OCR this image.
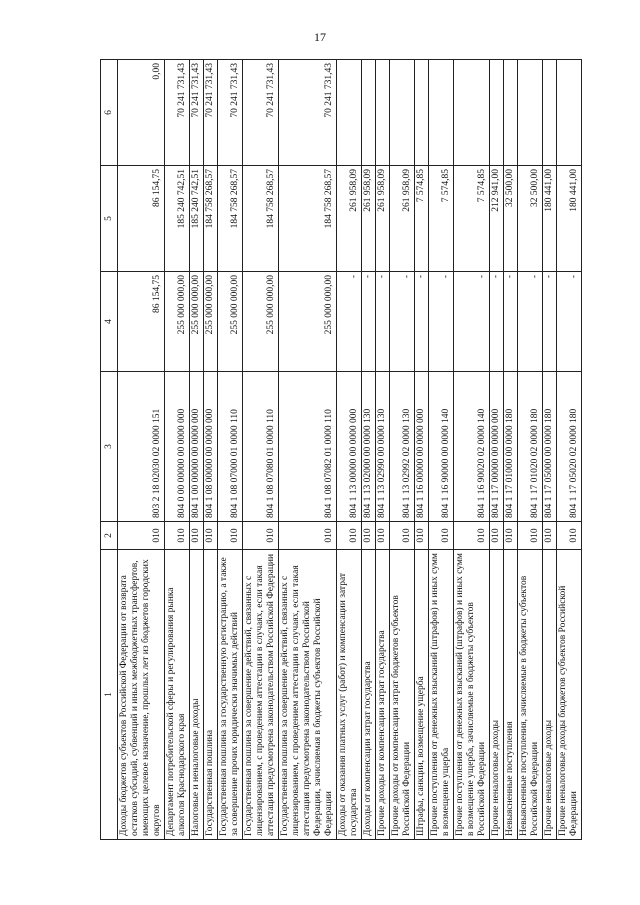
17
1	2	3	4	5	6
Доходы бюджетов субъектов Российской Федерации от возврата остатков субсидий, субвенций и иных межбюджетных трансфертов, имеющих целевое назначение, прошлых лет из бюджетов городских округов	010	803 2 18 02030 02 0000 151	86 154,75	86 154,75	0,00
Департамент потребительской сферы и регулирования рынка алкоголя Краснодарского края	010	804 0 00 00000 00 0000 000	255 000 000,00	185 240 742,51	70 241 731,43
Налоговые и неналоговые доходы	010	804 1 00 00000 00 0000 000	255 000 000,00	185 240 742,51	70 241 731,43
Государственная пошлина	010	804 1 08 00000 00 0000 000	255 000 000,00	184 758 268,57	70 241 731,43
Государственная пошлина за государственную регистрацию, а также за совершение прочих юридически значимых действий	010	804 1 08 07000 01 0000 110	255 000 000,00	184 758 268,57	70 241 731,43
Государственная пошлина за совершение действий, связанных с лицензированием, с проведением аттестации в случаях, если такая аттестация предусмотрена законодательством Российской Федерации	010	804 1 08 07080 01 0000 110	255 000 000,00	184 758 268,57	70 241 731,43
Государственная пошлина за совершение действий, связанных с лицензированием, с проведением аттестации в случаях, если такая аттестация предусмотрена законодательством Российской Федерации, зачисляемая в бюджеты субъектов Российской Федерации	010	804 1 08 07082 01 0000 110	255 000 000,00	184 758 268,57	70 241 731,43
Доходы от оказания платных услуг (работ) и компенсации затрат государства	010	804 1 13 00000 00 0000 000	-	261 958,09	
Доходы от компенсации затрат государства	010	804 1 13 02000 00 0000 130	-	261 958,09	
Прочие доходы от компенсации затрат государства	010	804 1 13 02990 00 0000 130	-	261 958,09	
Прочие доходы от компенсации затрат бюджетов субъектов Российской Федерации	010	804 1 13 02992 02 0000 130	-	261 958,09	
Штрафы, санкции, возмещение ущерба	010	804 1 16 00000 00 0000 000	-	7 574,85	
Прочие поступления от денежных взысканий (штрафов) и иных сумм в возмещение ущерба	010	804 1 16 90000 00 0000 140	-	7 574,85	
Прочие поступления от денежных взысканий (штрафов) и иных сумм в возмещение ущерба, зачисляемые в бюджеты субъектов Российской Федерации	010	804 1 16 90020 02 0000 140	-	7 574,85	
Прочие неналоговые доходы	010	804 1 17 00000 00 0000 000	-	212 941,00	
Невыясненные поступления	010	804 1 17 01000 00 0000 180	-	32 500,00	
Невыясненные поступления, зачисляемые в бюджеты субъектов Российской Федерации	010	804 1 17 01020 02 0000 180	-	32 500,00	
Прочие неналоговые доходы	010	804 1 17 05000 00 0000 180	-	180 441,00	
Прочие неналоговые доходы бюджетов субъектов Российской Федерации	010	804 1 17 05020 02 0000 180	-	180 441,00	
